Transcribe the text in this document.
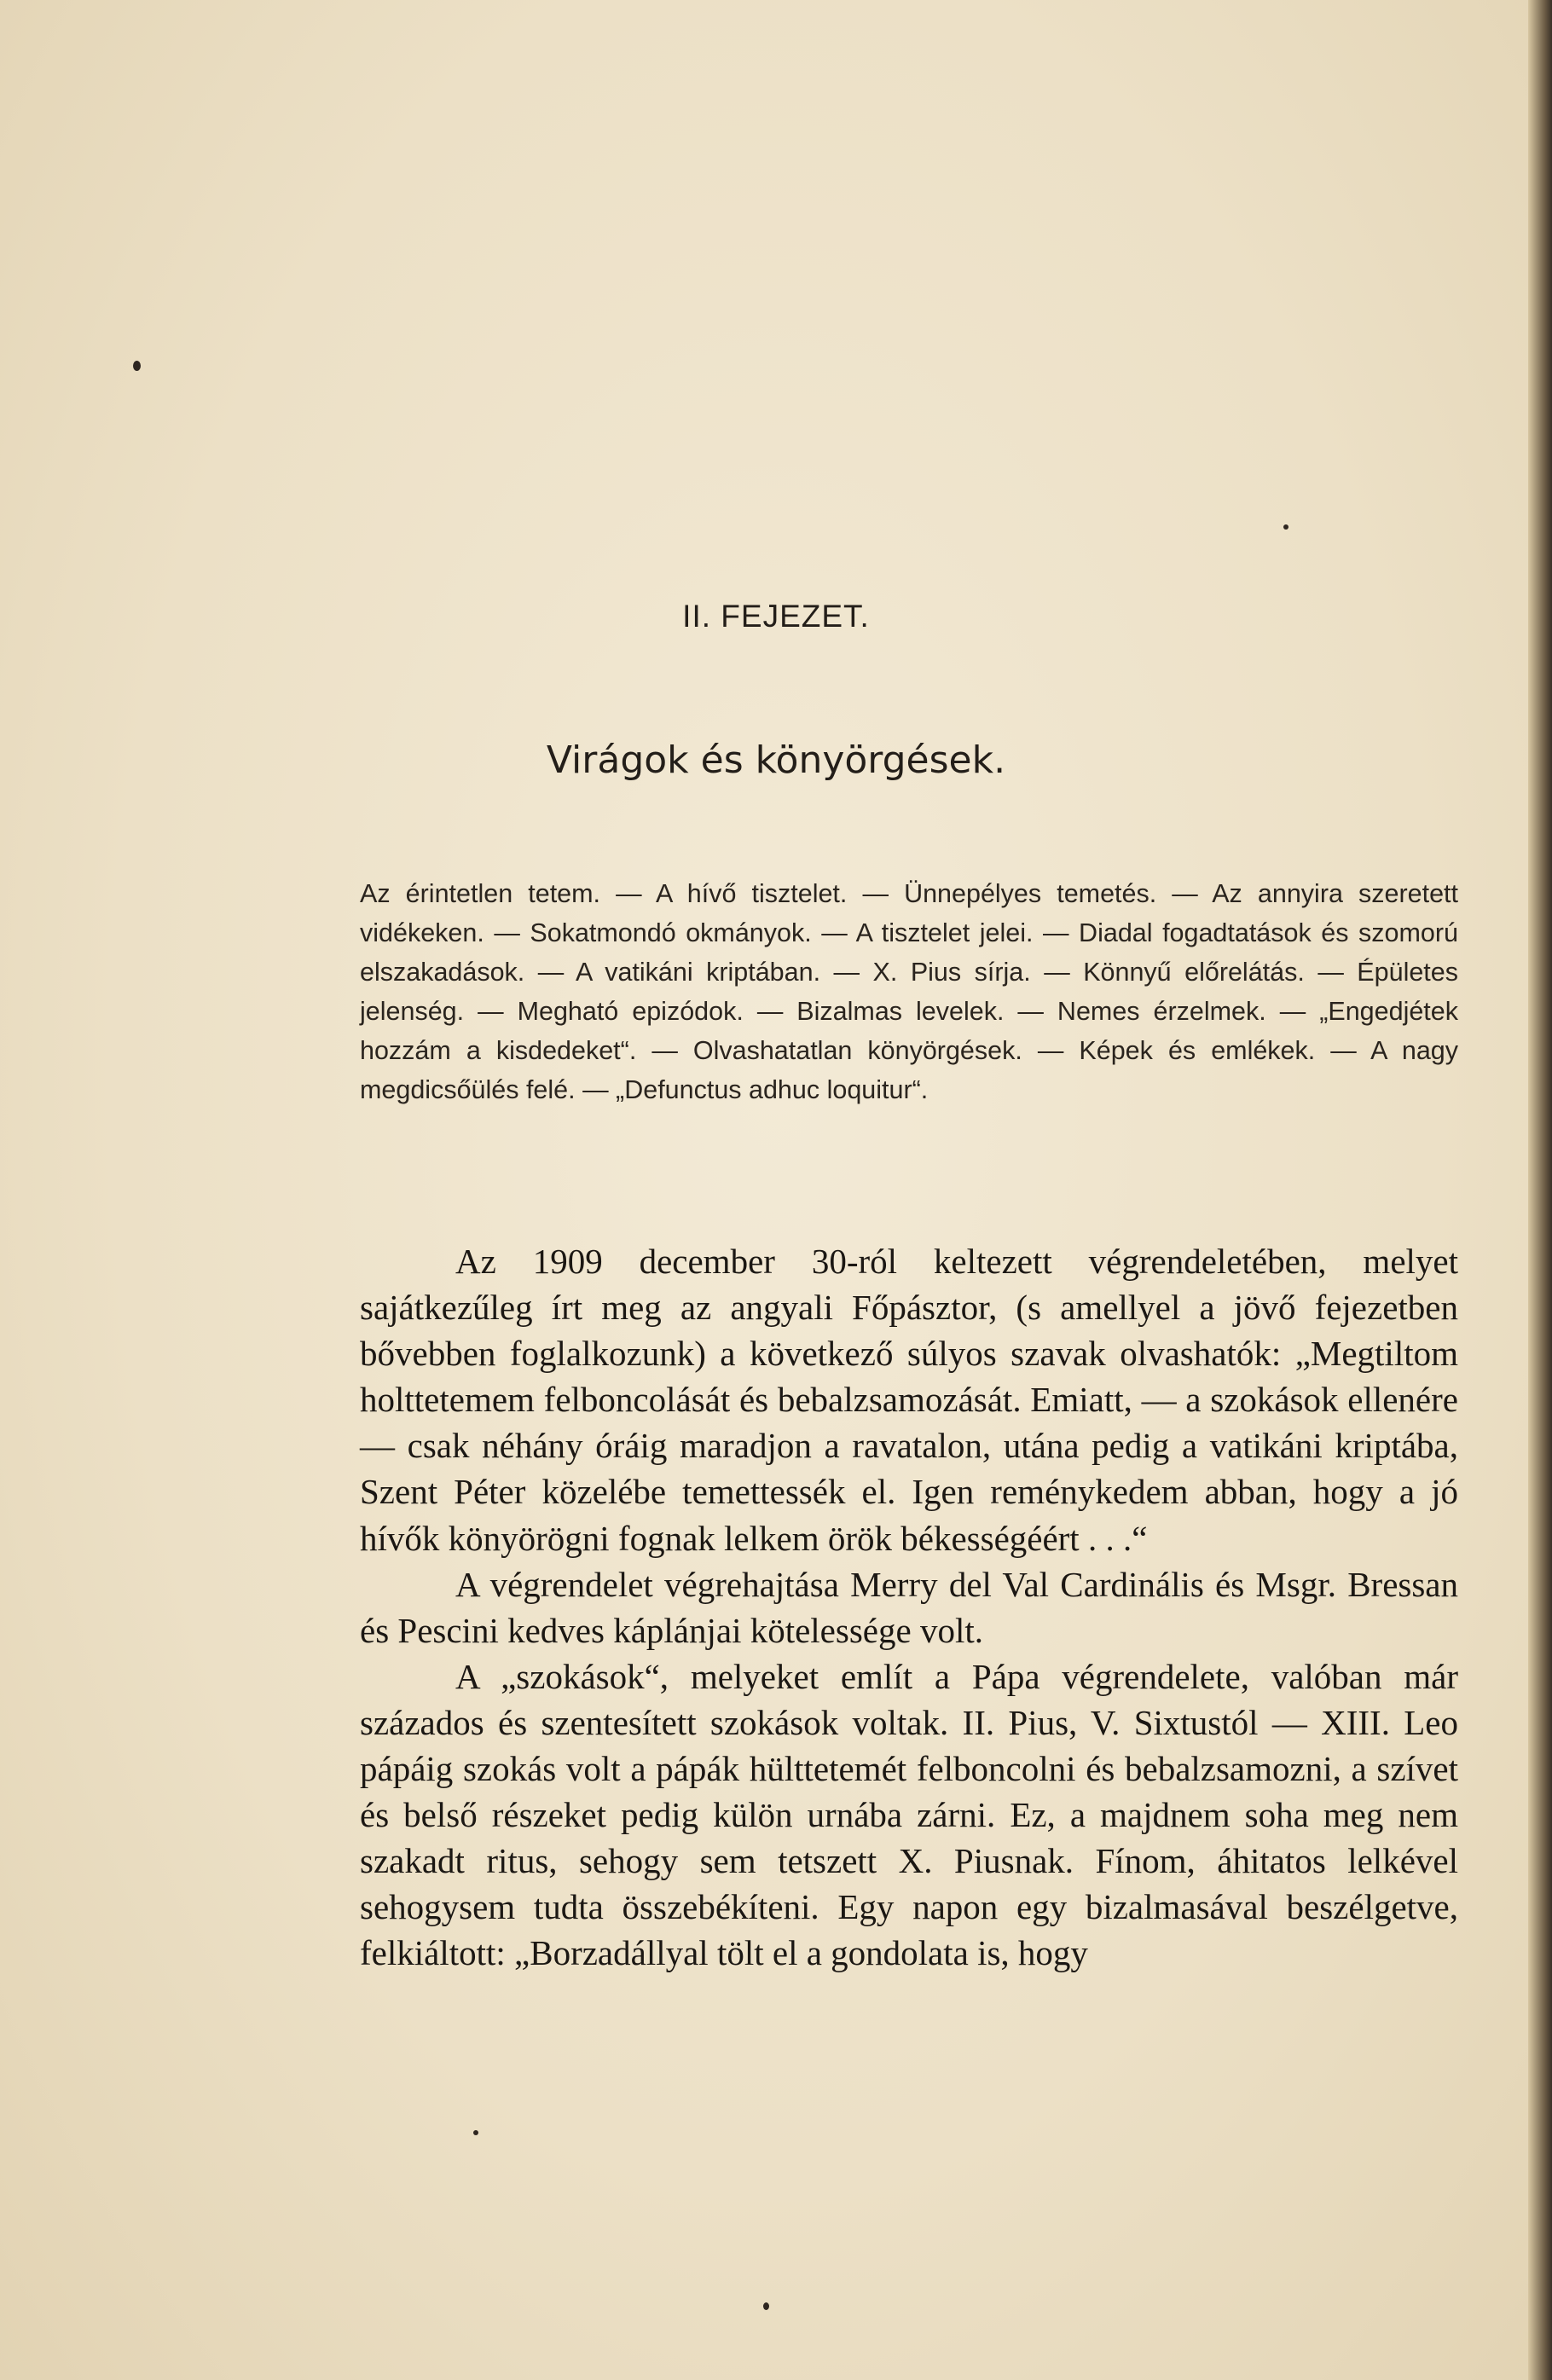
II. FEJEZET.
Virágok és könyörgések.
Az érintetlen tetem. — A hívő tisztelet. — Ünnepélyes temetés. — Az annyira szeretett vidékeken. — Sokatmondó okmányok. — A tisztelet jelei. — Diadal fogadtatások és szomorú elszakadások. — A vatikáni kriptában. — X. Pius sírja. — Könnyű előrelátás. — Épületes jelenség. — Megható epizódok. — Bizalmas levelek. — Nemes érzelmek. — „Engedjétek hozzám a kisdedeket“. — Olvashatatlan könyörgések. — Képek és emlékek. — A nagy megdicsőülés felé. — „Defunctus adhuc loquitur“.

Az 1909 december 30-ról keltezett végrendeletében, melyet sajátkezűleg írt meg az angyali Főpásztor, (s amellyel a jövő fejezetben bővebben foglalkozunk) a következő súlyos szavak olvashatók: „Megtiltom holttetemem felboncolását és bebalzsamozását. Emiatt, — a szokások ellenére — csak néhány óráig maradjon a ravatalon, utána pedig a vatikáni kriptába, Szent Péter közelébe temettessék el. Igen reménykedem abban, hogy a jó hívők könyörögni fognak lelkem örök békességéért . . .“

A végrendelet végrehajtása Merry del Val Cardinális és Msgr. Bressan és Pescini kedves káplánjai kötelessége volt.

A „szokások“, melyeket említ a Pápa végrendelete, valóban már százados és szentesített szokások voltak. II. Pius, V. Sixtustól — XIII. Leo pápáig szokás volt a pápák hülttetemét felboncolni és bebalzsamozni, a szívet és belső részeket pedig külön urnába zárni. Ez, a majdnem soha meg nem szakadt ritus, sehogy sem tetszett X. Piusnak. Fínom, áhitatos lelkével sehogysem tudta összebékíteni. Egy napon egy bizalmasával beszélgetve, felkiáltott: „Borzadállyal tölt el a gondolata is, hogy
